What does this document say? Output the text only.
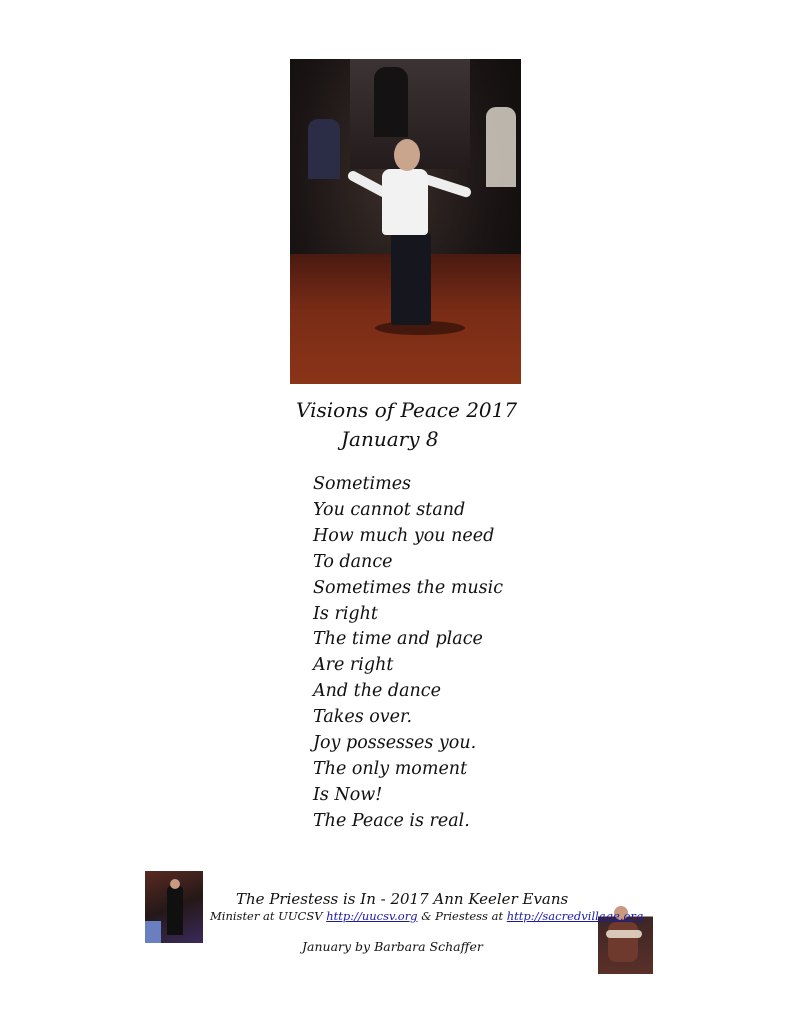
Visions of Peace 2017
January 8
Sometimes
You cannot stand
How much you need
To dance
Sometimes the music
Is right
The time and place
Are right
And the dance
Takes over.
Joy possesses you.
The only moment
Is Now!
The Peace is real.
The Priestess is In - 2017 Ann Keeler Evans
Minister at UUCSV http://uucsv.org & Priestess at http://sacredvillage.org
January by Barbara Schaffer
